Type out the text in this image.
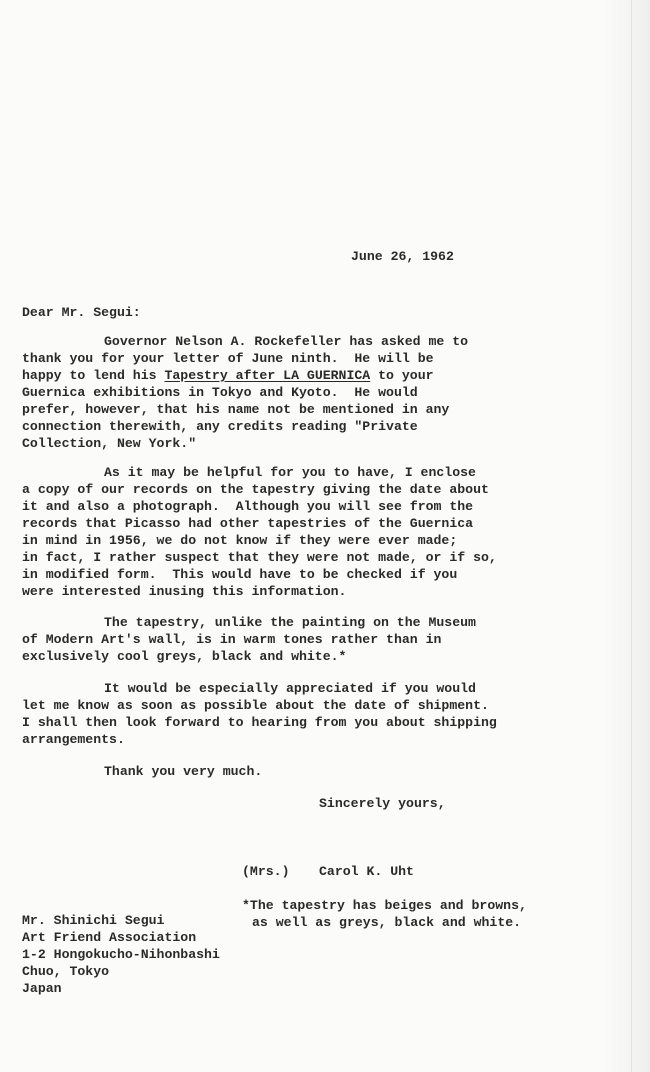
June 26, 1962
Dear Mr. Segui:
Governor Nelson A. Rockefeller has asked me to
thank you for your letter of June ninth.  He will be
happy to lend his Tapestry after LA GUERNICA to your
Guernica exhibitions in Tokyo and Kyoto.  He would
prefer, however, that his name not be mentioned in any
connection therewith, any credits reading "Private
Collection, New York."
As it may be helpful for you to have, I enclose
a copy of our records on the tapestry giving the date about
it and also a photograph.  Although you will see from the
records that Picasso had other tapestries of the Guernica
in mind in 1956, we do not know if they were ever made;
in fact, I rather suspect that they were not made, or if so,
in modified form.  This would have to be checked if you
were interested inusing this information.
The tapestry, unlike the painting on the Museum
of Modern Art's wall, is in warm tones rather than in
exclusively cool greys, black and white.*
It would be especially appreciated if you would
let me know as soon as possible about the date of shipment.
I shall then look forward to hearing from you about shipping
arrangements.
Thank you very much.
Sincerely yours,
(Mrs.) Carol K. Uht
*The tapestry has beiges and browns,
as well as greys, black and white.
Mr. Shinichi Segui
Art Friend Association
1-2 Hongokucho-Nihonbashi
Chuo, Tokyo
Japan
